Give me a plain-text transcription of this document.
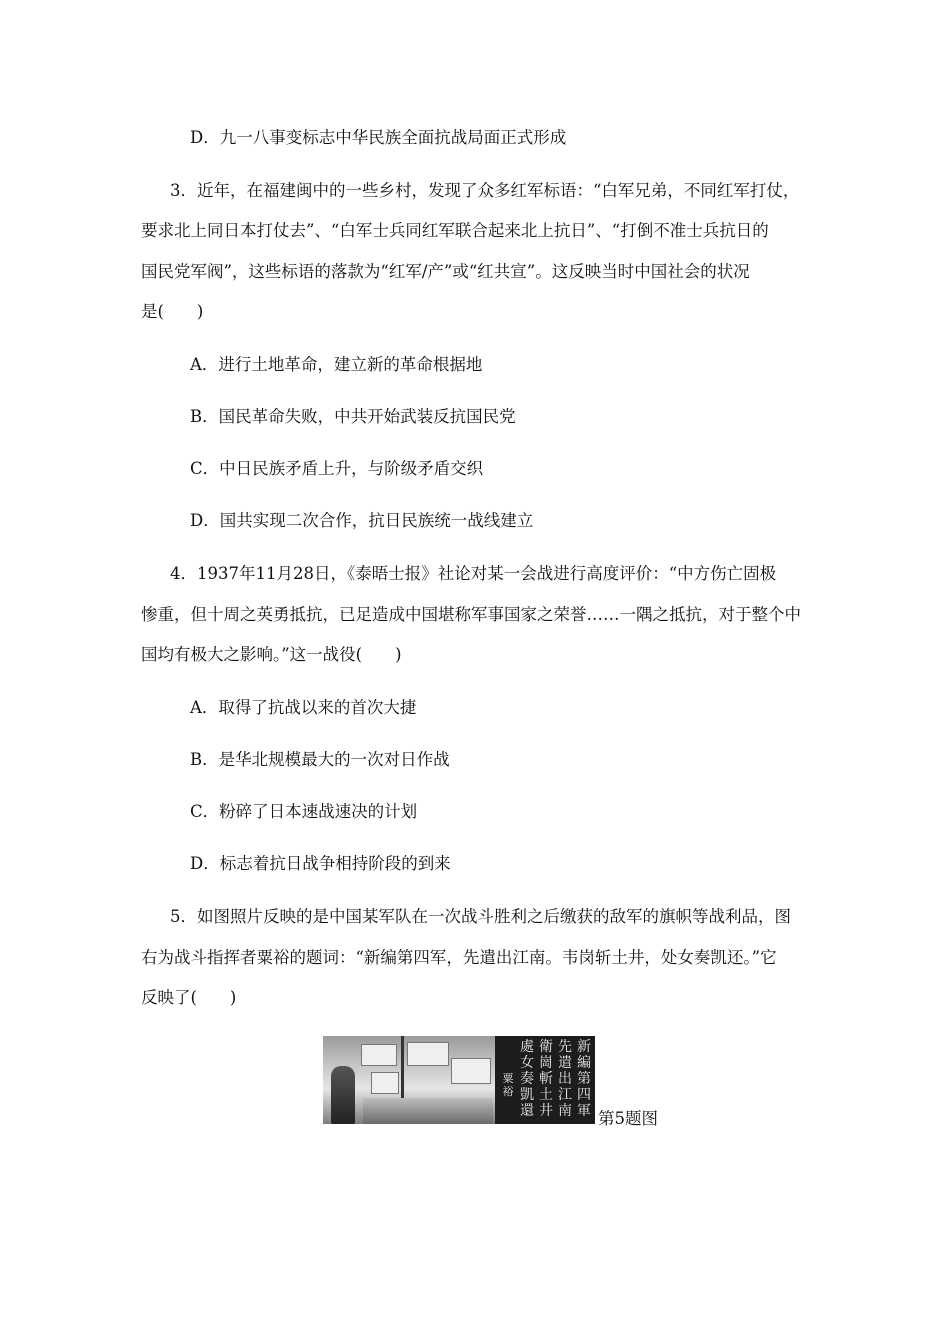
D．九一八事变标志中华民族全面抗战局面正式形成
3．近年，在福建闽中的一些乡村，发现了众多红军标语：“白军兄弟，不同红军打仗，
要求北上同日本打仗去”、“白军士兵同红军联合起来北上抗日”、“打倒不准士兵抗日的
国民党军阀”，这些标语的落款为“红军/产”或“红共宣”。这反映当时中国社会的状况
是(　　)
A．进行土地革命，建立新的革命根据地
B．国民革命失败，中共开始武装反抗国民党
C．中日民族矛盾上升，与阶级矛盾交织
D．国共实现二次合作，抗日民族统一战线建立
4．1937年11月28日，《泰晤士报》社论对某一会战进行高度评价：“中方伤亡固极
惨重，但十周之英勇抵抗，已足造成中国堪称军事国家之荣誉……一隅之抵抗，对于整个中
国均有极大之影响。”这一战役(　　)
A．取得了抗战以来的首次大捷
B．是华北规模最大的一次对日作战
C．粉碎了日本速战速决的计划
D．标志着抗日战争相持阶段的到来
5．如图照片反映的是中国某军队在一次战斗胜利之后缴获的敌军的旗帜等战利品，图
右为战斗指挥者粟裕的题词：“新编第四军，先遣出江南。韦岗斩土井，处女奏凯还。”它
反映了(　　)
新編第四軍
先遣出江南
衛崗斬土井
處女奏凱還
粟裕
第5题图
